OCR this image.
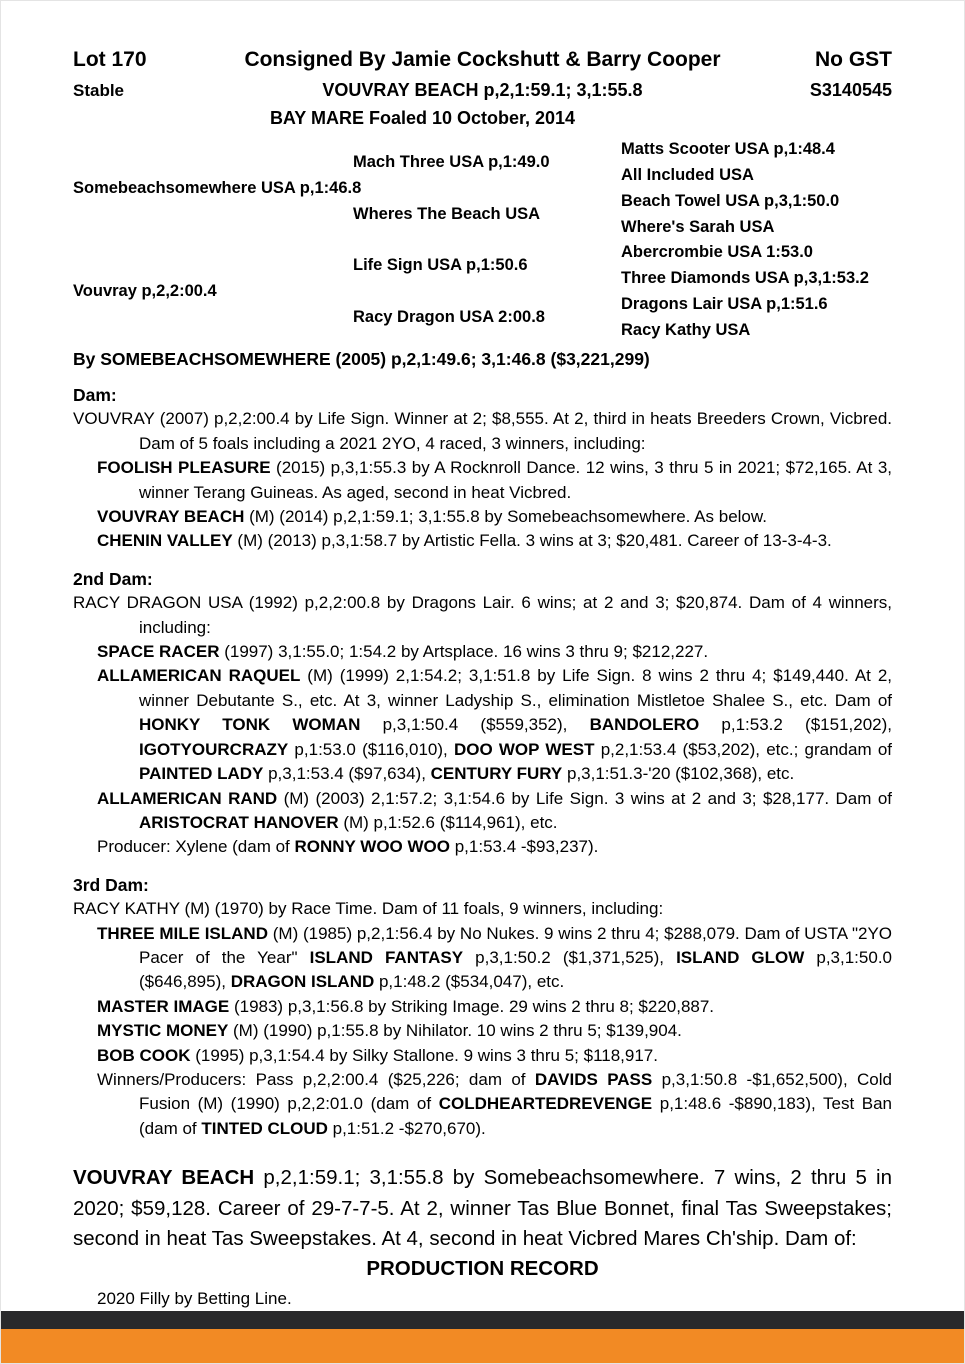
Lot 170	Consigned By Jamie Cockshutt & Barry Cooper	No GST
Stable	VOUVRAY BEACH p,2,1:59.1; 3,1:55.8	S3140545
BAY MARE Foaled 10 October, 2014
Somebeachsomewhere USA p,1:46.8
Vouvray p,2,2:00.4
Mach Three USA p,1:49.0
Wheres The Beach USA
Life Sign USA p,1:50.6
Racy Dragon USA 2:00.8
Matts Scooter USA p,1:48.4
All Included USA
Beach Towel USA p,3,1:50.0
Where's Sarah USA
Abercrombie USA 1:53.0
Three Diamonds USA p,3,1:53.2
Dragons Lair USA p,1:51.6
Racy Kathy USA
By SOMEBEACHSOMEWHERE (2005) p,2,1:49.6; 3,1:46.8 ($3,221,299)
Dam:
VOUVRAY (2007) p,2,2:00.4 by Life Sign. Winner at 2; $8,555. At 2, third in heats Breeders Crown, Vicbred. Dam of 5 foals including a 2021 2YO, 4 raced, 3 winners, including:
FOOLISH PLEASURE (2015) p,3,1:55.3 by A Rocknroll Dance. 12 wins, 3 thru 5 in 2021; $72,165. At 3, winner Terang Guineas. As aged, second in heat Vicbred.
VOUVRAY BEACH (M) (2014) p,2,1:59.1; 3,1:55.8 by Somebeachsomewhere. As below.
CHENIN VALLEY (M) (2013) p,3,1:58.7 by Artistic Fella. 3 wins at 3; $20,481. Career of 13-3-4-3.
2nd Dam:
RACY DRAGON USA (1992) p,2,2:00.8 by Dragons Lair. 6 wins; at 2 and 3; $20,874. Dam of 4 winners, including:
SPACE RACER (1997) 3,1:55.0; 1:54.2 by Artsplace. 16 wins 3 thru 9; $212,227.
ALLAMERICAN RAQUEL (M) (1999) 2,1:54.2; 3,1:51.8 by Life Sign. 8 wins 2 thru 4; $149,440. At 2, winner Debutante S., etc. At 3, winner Ladyship S., elimination Mistletoe Shalee S., etc. Dam of HONKY TONK WOMAN p,3,1:50.4 ($559,352), BANDOLERO p,1:53.2 ($151,202), IGOTYOURCRAZY p,1:53.0 ($116,010), DOO WOP WEST p,2,1:53.4 ($53,202), etc.; grandam of PAINTED LADY p,3,1:53.4 ($97,634), CENTURY FURY p,3,1:51.3-'20 ($102,368), etc.
ALLAMERICAN RAND (M) (2003) 2,1:57.2; 3,1:54.6 by Life Sign. 3 wins at 2 and 3; $28,177. Dam of ARISTOCRAT HANOVER (M) p,1:52.6 ($114,961), etc.
Producer: Xylene (dam of RONNY WOO WOO p,1:53.4 -$93,237).
3rd Dam:
RACY KATHY (M) (1970) by Race Time. Dam of 11 foals, 9 winners, including:
THREE MILE ISLAND (M) (1985) p,2,1:56.4 by No Nukes. 9 wins 2 thru 4; $288,079. Dam of USTA "2YO Pacer of the Year" ISLAND FANTASY p,3,1:50.2 ($1,371,525), ISLAND GLOW p,3,1:50.0 ($646,895), DRAGON ISLAND p,1:48.2 ($534,047), etc.
MASTER IMAGE (1983) p,3,1:56.8 by Striking Image. 29 wins 2 thru 8; $220,887.
MYSTIC MONEY (M) (1990) p,1:55.8 by Nihilator. 10 wins 2 thru 5; $139,904.
BOB COOK (1995) p,3,1:54.4 by Silky Stallone. 9 wins 3 thru 5; $118,917.
Winners/Producers: Pass p,2,2:00.4 ($25,226; dam of DAVIDS PASS p,3,1:50.8 -$1,652,500), Cold Fusion (M) (1990) p,2,2:01.0 (dam of COLDHEARTEDREVENGE p,1:48.6 -$890,183), Test Ban (dam of TINTED CLOUD p,1:51.2 -$270,670).
VOUVRAY BEACH p,2,1:59.1; 3,1:55.8 by Somebeachsomewhere. 7 wins, 2 thru 5 in 2020; $59,128. Career of 29-7-7-5. At 2, winner Tas Blue Bonnet, final Tas Sweepstakes; second in heat Tas Sweepstakes. At 4, second in heat Vicbred Mares Ch'ship. Dam of:
PRODUCTION RECORD
2020 Filly by Betting Line.
